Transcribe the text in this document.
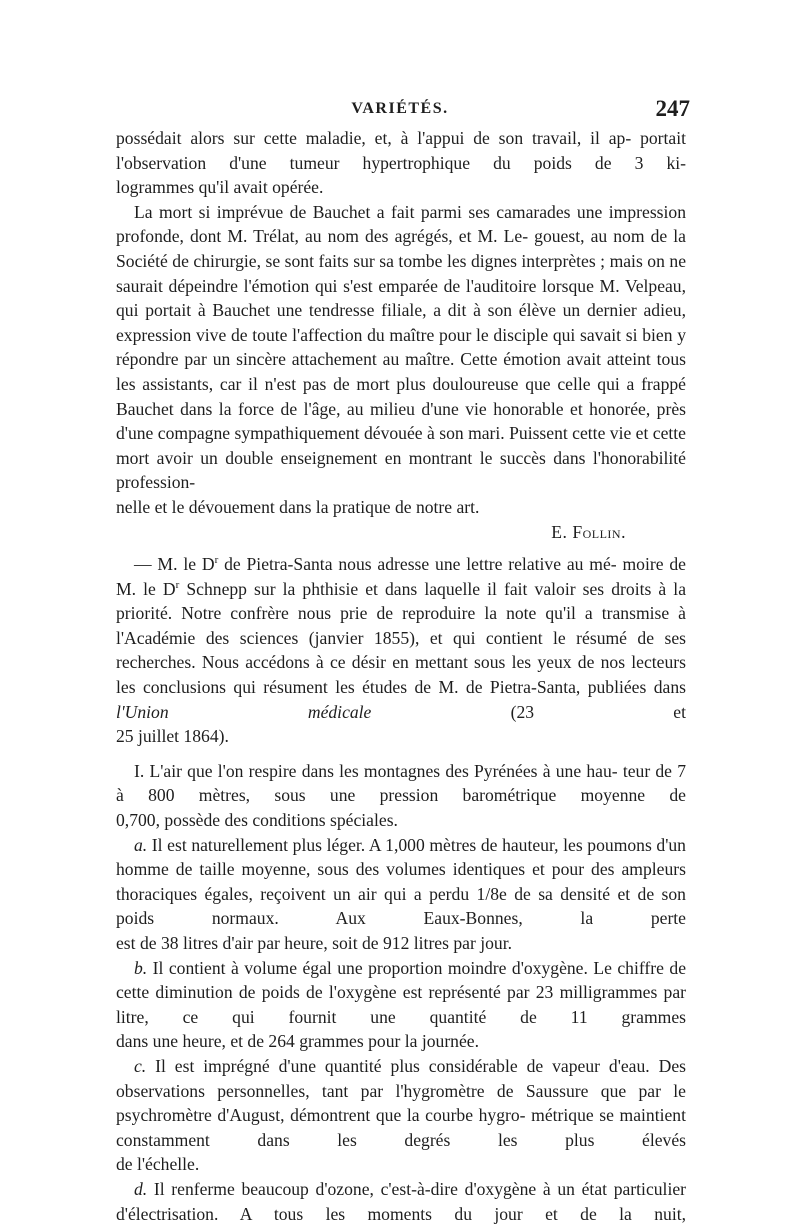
VARIÉTÉS.	247

possédait alors sur cette maladie, et, à l'appui de son travail, il ap- portait l'observation d'une tumeur hypertrophique du poids de 3 ki-

logrammes qu'il avait opérée.

La mort si imprévue de Bauchet a fait parmi ses camarades une impression profonde, dont M. Trélat, au nom des agrégés, et M. Le- gouest, au nom de la Société de chirurgie, se sont faits sur sa tombe les dignes interprètes ; mais on ne saurait dépeindre l'émotion qui s'est emparée de l'auditoire lorsque M. Velpeau, qui portait à Bauchet une tendresse filiale, a dit à son élève un dernier adieu, expression vive de toute l'affection du maître pour le disciple qui savait si bien y répondre par un sincère attachement au maître. Cette émotion avait atteint tous les assistants, car il n'est pas de mort plus douloureuse que celle qui a frappé Bauchet dans la force de l'âge, au milieu d'une vie honorable et honorée, près d'une compagne sympathiquement dévouée à son mari. Puissent cette vie et cette mort avoir un double enseignement en montrant le succès dans l'honorabilité profession-

nelle et le dévouement dans la pratique de notre art.

E. Follin.

— M. le $D^r$ de Pietra-Santa nous adresse une lettre relative au mé- moire de M. le $D^r$ Schnepp sur la phthisie et dans laquelle il fait valoir ses droits à la priorité. Notre confrère nous prie de reproduire la note qu'il a transmise à l'Académie des sciences (janvier 1855), et qui contient le résumé de ses recherches. Nous accédons à ce désir en mettant sous les yeux de nos lecteurs les conclusions qui résument les études de M. de Pietra-Santa, publiées dans l'Union médicale (23 et

25 juillet 1864).

I. L'air que l'on respire dans les montagnes des Pyrénées à une hau- teur de 7 à 800 mètres, sous une pression barométrique moyenne de

0,700, possède des conditions spéciales.

a. Il est naturellement plus léger. A 1,000 mètres de hauteur, les poumons d'un homme de taille moyenne, sous des volumes identiques et pour des ampleurs thoraciques égales, reçoivent un air qui a perdu 1/8e de sa densité et de son poids normaux. Aux Eaux-Bonnes, la perte

est de 38 litres d'air par heure, soit de 912 litres par jour.

b. Il contient à volume égal une proportion moindre d'oxygène. Le chiffre de cette diminution de poids de l'oxygène est représenté par 23 milligrammes par litre, ce qui fournit une quantité de 11 grammes

dans une heure, et de 264 grammes pour la journée.

c. Il est imprégné d'une quantité plus considérable de vapeur d'eau. Des observations personnelles, tant par l'hygromètre de Saussure que par le psychromètre d'August, démontrent que la courbe hygro- métrique se maintient constamment dans les degrés les plus élevés

de l'échelle.

d. Il renferme beaucoup d'ozone, c'est-à-dire d'oxygène à un état particulier d'électrisation. A tous les moments du jour et de la nuit,
